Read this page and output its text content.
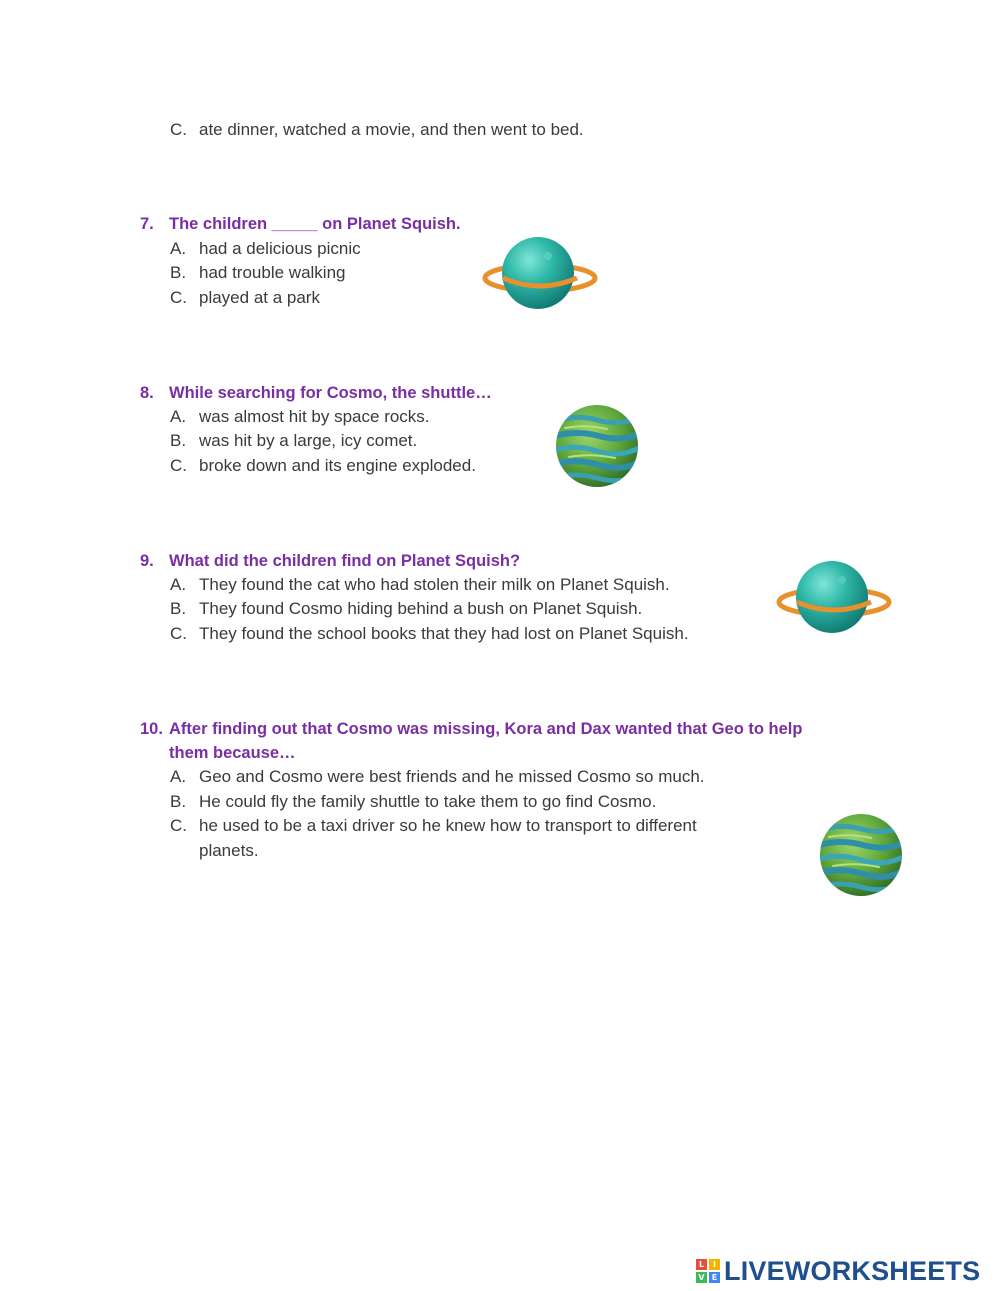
C. ate dinner, watched a movie, and then went to bed.
7. The children _____ on Planet Squish.
A. had a delicious picnic
B. had trouble walking
C. played at a park
8. While searching for Cosmo, the shuttle…
A. was almost hit by space rocks.
B. was hit by a large, icy comet.
C. broke down and its engine exploded.
9. What did the children find on Planet Squish?
A. They found the cat who had stolen their milk on Planet Squish.
B. They found Cosmo hiding behind a bush on Planet Squish.
C. They found the school books that they had lost on Planet Squish.
10. After finding out that Cosmo was missing, Kora and Dax wanted that Geo to help
them because…
A. Geo and Cosmo were best friends and he missed Cosmo so much.
B. He could fly the family shuttle to take them to go find Cosmo.
C. he used to be a taxi driver so he knew how to transport to different
planets.
L	I
V E LIVEWORKSHEETS
